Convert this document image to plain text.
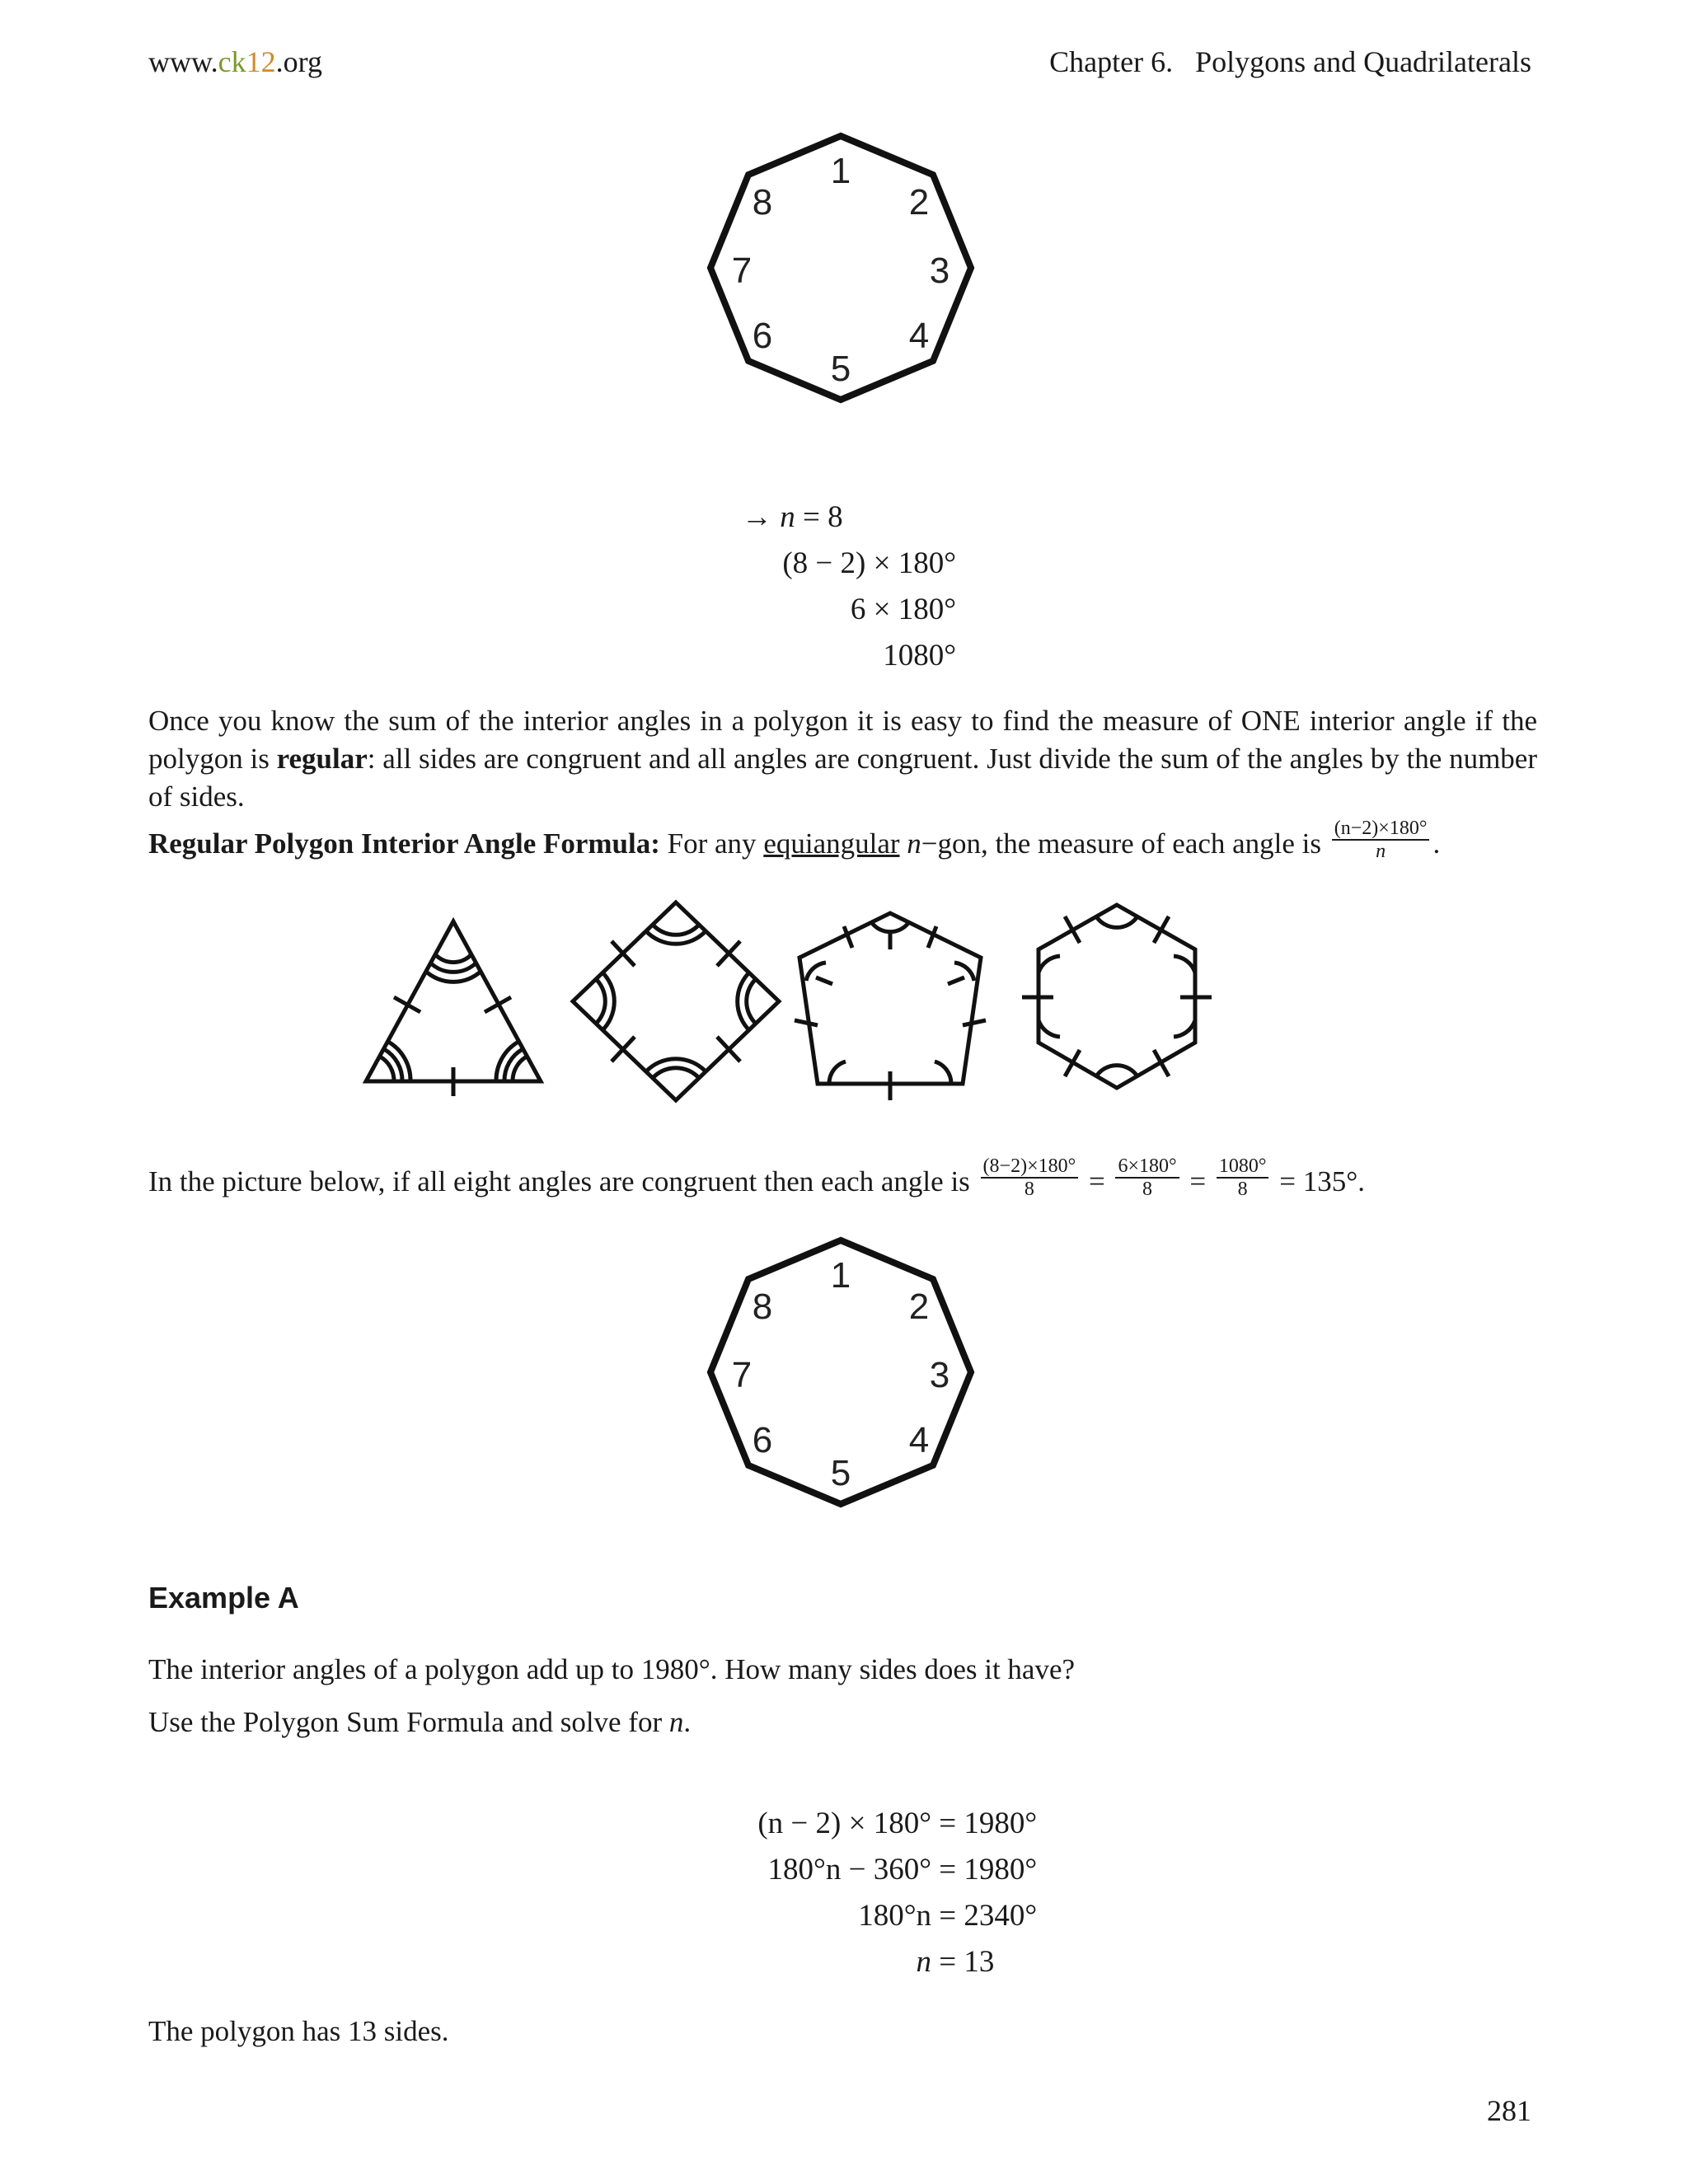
www.ck12.org	Chapter 6.   Polygons and Quadrilaterals
1
2
3
4
5
6
7
8
→ n = 8
(8 − 2) × 180°
6 × 180°
1080°
Once you know the sum of the interior angles in a polygon it is easy to find the measure of ONE interior angle if the polygon is regular: all sides are congruent and all angles are congruent. Just divide the sum of the angles by the number of sides.
Regular Polygon Interior Angle Formula: For any equiangular n−gon, the measure of each angle is $\frac{(n-2)\times 180^\circ}{n}$ .
In the picture below, if all eight angles are congruent then each angle is $\frac{(8-2)\times 180^\circ}{8} = \frac{6\times 180^\circ}{8} = \frac{1080^\circ}{8} = 135^\circ$.
1
2
3
4
5
6
7
8
Example A
The interior angles of a polygon add up to 1980°. How many sides does it have?
Use the Polygon Sum Formula and solve for n.
(n − 2) × 180° = 1980°
180°n − 360° = 1980°
180°n = 2340°
n = 13
The polygon has 13 sides.
281
